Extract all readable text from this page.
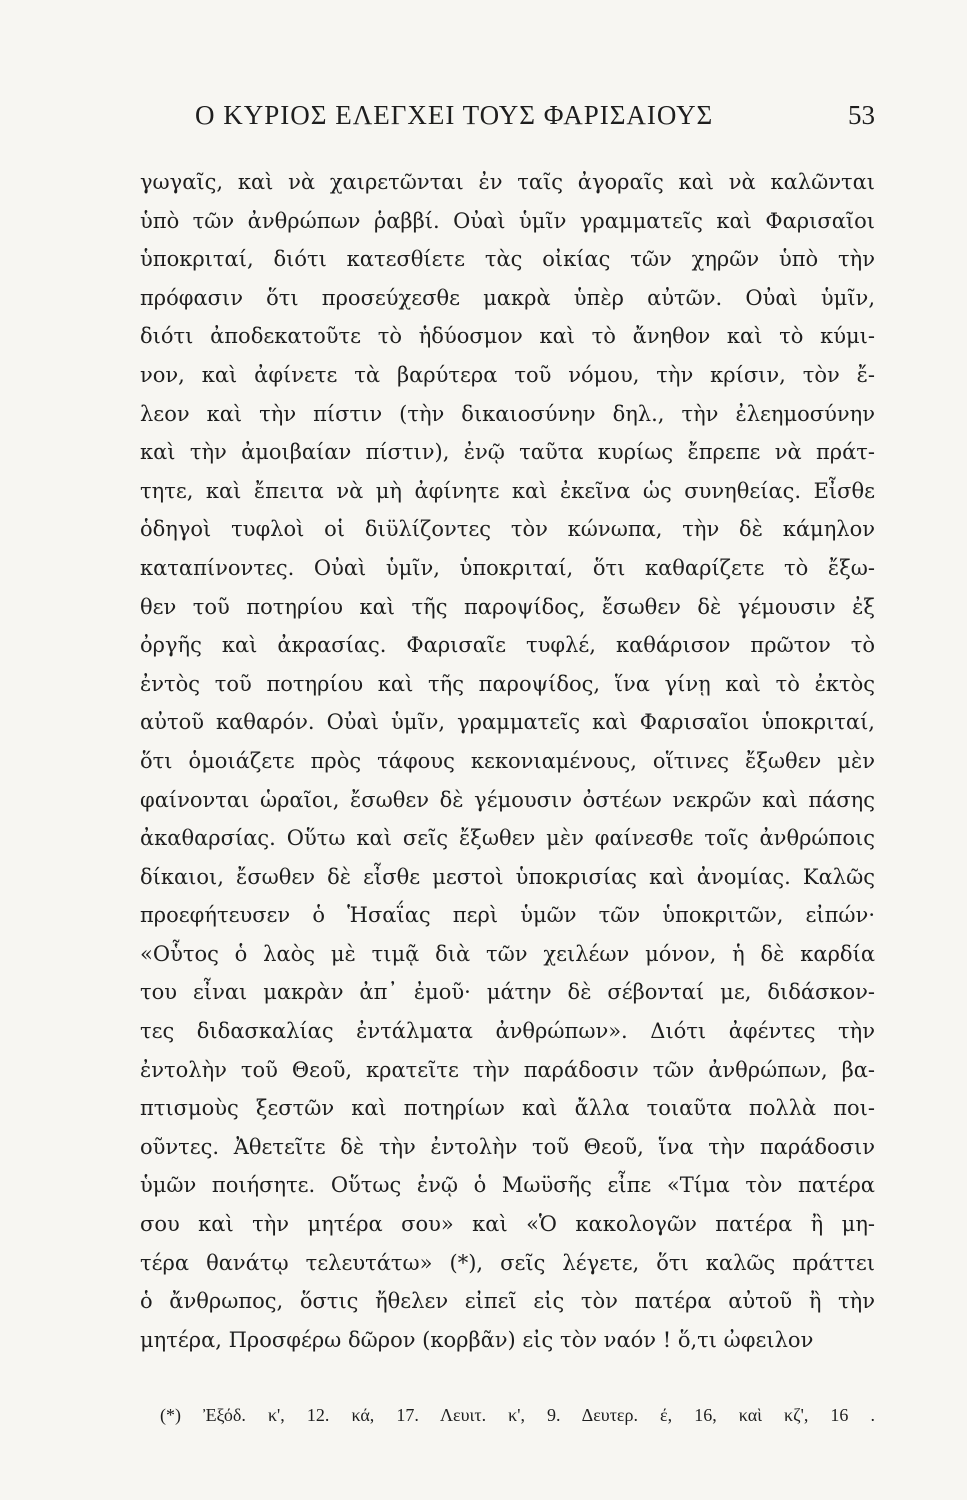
Ο ΚΥΡΙΟΣ ΕΛΕΓΧΕΙ ΤΟΥΣ ΦΑΡΙΣΑΙΟΥΣ	53
γωγαῖς, καὶ νὰ χαιρετῶνται ἐν ταῖς ἀγοραῖς καὶ νὰ καλῶνται
ὑπὸ τῶν ἀνθρώπων ῥαββί. Οὐαὶ ὑμῖν γραμματεῖς καὶ Φαρισαῖοι
ὑποκριταί, διότι κατεσθίετε τὰς οἰκίας τῶν χηρῶν ὑπὸ τὴν
πρόφασιν ὅτι προσεύχεσθε μακρὰ ὑπὲρ αὐτῶν. Οὐαὶ ὑμῖν,
διότι ἀποδεκατοῦτε τὸ ἡδύοσμον καὶ τὸ ἄνηθον καὶ τὸ κύμι-
νον, καὶ ἀφίνετε τὰ βαρύτερα τοῦ νόμου, τὴν κρίσιν, τὸν ἔ-
λεον καὶ τὴν πίστιν (τὴν δικαιοσύνην δηλ., τὴν ἐλεημοσύνην
καὶ τὴν ἀμοιβαίαν πίστιν), ἐνῷ ταῦτα κυρίως ἔπρεπε νὰ πράτ-
τητε, καὶ ἔπειτα νὰ μὴ ἀφίνητε καὶ ἐκεῖνα ὡς συνηθείας. Εἶσθε
ὁδηγοὶ τυφλοὶ οἱ διϋλίζοντες τὸν κώνωπα, τὴν δὲ κάμηλον
καταπίνοντες. Οὐαὶ ὑμῖν, ὑποκριταί, ὅτι καθαρίζετε τὸ ἔξω-
θεν τοῦ ποτηρίου καὶ τῆς παροψίδος, ἔσωθεν δὲ γέμουσιν ἐξ
ὀργῆς καὶ ἀκρασίας. Φαρισαῖε τυφλέ, καθάρισον πρῶτον τὸ
ἐντὸς τοῦ ποτηρίου καὶ τῆς παροψίδος, ἵνα γίνῃ καὶ τὸ ἐκτὸς
αὐτοῦ καθαρόν. Οὐαὶ ὑμῖν, γραμματεῖς καὶ Φαρισαῖοι ὑποκριταί,
ὅτι ὁμοιάζετε πρὸς τάφους κεκονιαμένους, οἵτινες ἔξωθεν μὲν
φαίνονται ὡραῖοι, ἔσωθεν δὲ γέμουσιν ὀστέων νεκρῶν καὶ πάσης
ἀκαθαρσίας. Οὕτω καὶ σεῖς ἔξωθεν μὲν φαίνεσθε τοῖς ἀνθρώποις
δίκαιοι, ἔσωθεν δὲ εἶσθε μεστοὶ ὑποκρισίας καὶ ἀνομίας. Καλῶς
προεφήτευσεν ὁ Ἡσαΐας περὶ ὑμῶν τῶν ὑποκριτῶν, εἰπών·
«Οὗτος ὁ λαὸς μὲ τιμᾷ διὰ τῶν χειλέων μόνον, ἡ δὲ καρδία
του εἶναι μακρὰν ἀπ᾽ ἐμοῦ· μάτην δὲ σέβονταί με, διδάσκον-
τες διδασκαλίας ἐντάλματα ἀνθρώπων». Διότι ἀφέντες τὴν
ἐντολὴν τοῦ Θεοῦ, κρατεῖτε τὴν παράδοσιν τῶν ἀνθρώπων, βα-
πτισμοὺς ξεστῶν καὶ ποτηρίων καὶ ἄλλα τοιαῦτα πολλὰ ποι-
οῦντες. Ἀθετεῖτε δὲ τὴν ἐντολὴν τοῦ Θεοῦ, ἵνα τὴν παράδοσιν
ὑμῶν ποιήσητε. Οὕτως ἐνῷ ὁ Μωϋσῆς εἶπε «Τίμα τὸν πατέρα
σου καὶ τὴν μητέρα σου» καὶ «Ὁ κακολογῶν πατέρα ἢ μη-
τέρα θανάτῳ τελευτάτω» (*), σεῖς λέγετε, ὅτι καλῶς πράττει
ὁ ἄνθρωπος, ὅστις ἤθελεν εἰπεῖ εἰς τὸν πατέρα αὐτοῦ ἢ τὴν
μητέρα, Προσφέρω δῶρον (κορβᾶν) εἰς τὸν ναόν ! ὅ,τι ὠφειλον
(*) Ἐξόδ. κ', 12. κά, 17. Λευιτ. κ', 9. Δευτερ. έ, 16, καὶ κζ', 16 .
